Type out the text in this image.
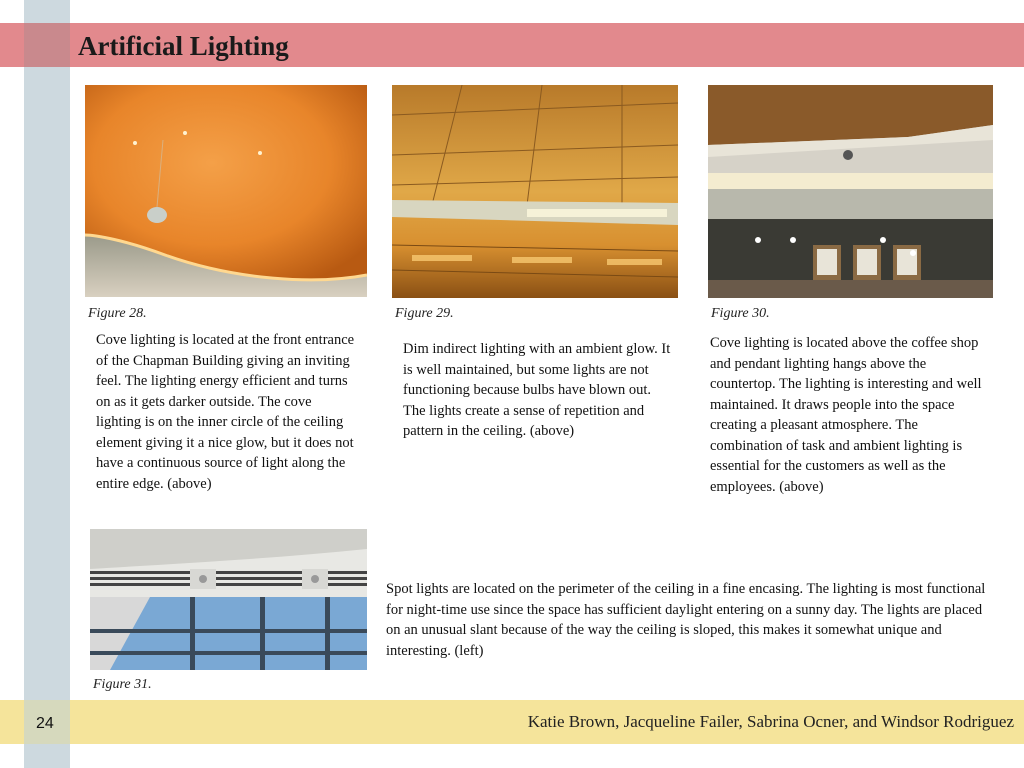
Artificial Lighting
Figure 28.	Figure 29.	Figure 30.
Figure 31.

Cove lighting is located at the front entrance of the Chapman Building giving an inviting feel. The lighting energy efficient and turns on as it gets darker outside. The cove lighting is on the inner circle of the ceiling element giving it a nice glow, but it does not have a continuous source of light along the entire edge. (above)

Dim indirect lighting with an ambient glow. It is well maintained, but some lights are not functioning because bulbs have blown out. The lights create a sense of repetition and pattern in the ceiling. (above)

Cove lighting is located above the coffee shop and pendant lighting hangs above the countertop. The lighting is interesting and well maintained. It draws people into the space creating a pleasant atmosphere. The combination of task and ambient lighting is essential for the customers as well as the employees. (above)

Spot lights are located on the perimeter of the ceiling in a fine encasing. The lighting is most functional for night-time use since the space has sufficient daylight entering on a sunny day. The lights are placed on an unusual slant because of the way the ceiling is sloped, this makes it somewhat unique and interesting. (left)

24	Katie Brown, Jacqueline Failer, Sabrina Ocner, and Windsor Rodriguez
